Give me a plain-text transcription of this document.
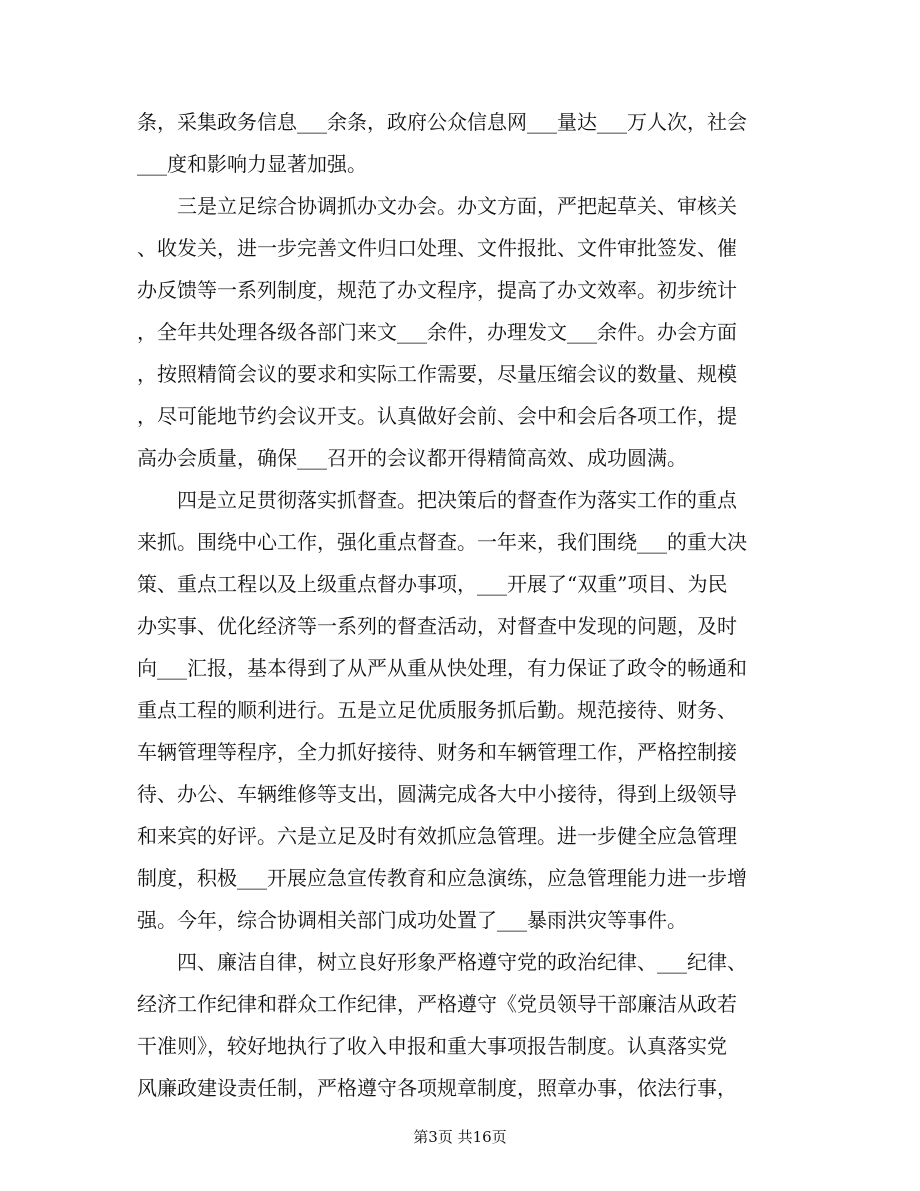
条，采集政务信息___余条，政府公众信息网___量达___万人次，社会
___度和影响力显著加强。
三是立足综合协调抓办文办会。办文方面，严把起草关、审核关
、收发关，进一步完善文件归口处理、文件报批、文件审批签发、催
办反馈等一系列制度，规范了办文程序，提高了办文效率。初步统计
，全年共处理各级各部门来文___余件，办理发文___余件。办会方面
，按照精简会议的要求和实际工作需要，尽量压缩会议的数量、规模
，尽可能地节约会议开支。认真做好会前、会中和会后各项工作，提
高办会质量，确保___召开的会议都开得精简高效、成功圆满。
四是立足贯彻落实抓督查。把决策后的督查作为落实工作的重点
来抓。围绕中心工作，强化重点督查。一年来，我们围绕___的重大决
策、重点工程以及上级重点督办事项，___开展了“双重”项目、为民
办实事、优化经济等一系列的督查活动，对督查中发现的问题，及时
向___汇报，基本得到了从严从重从快处理，有力保证了政令的畅通和
重点工程的顺利进行。五是立足优质服务抓后勤。规范接待、财务、
车辆管理等程序，全力抓好接待、财务和车辆管理工作，严格控制接
待、办公、车辆维修等支出，圆满完成各大中小接待，得到上级领导
和来宾的好评。六是立足及时有效抓应急管理。进一步健全应急管理
制度，积极___开展应急宣传教育和应急演练，应急管理能力进一步增
强。今年，综合协调相关部门成功处置了___暴雨洪灾等事件。
四、廉洁自律，树立良好形象严格遵守党的政治纪律、___纪律、
经济工作纪律和群众工作纪律，严格遵守《党员领导干部廉洁从政若
干准则》，较好地执行了收入申报和重大事项报告制度。认真落实党
风廉政建设责任制，严格遵守各项规章制度，照章办事，依法行事，
第3页 共16页
